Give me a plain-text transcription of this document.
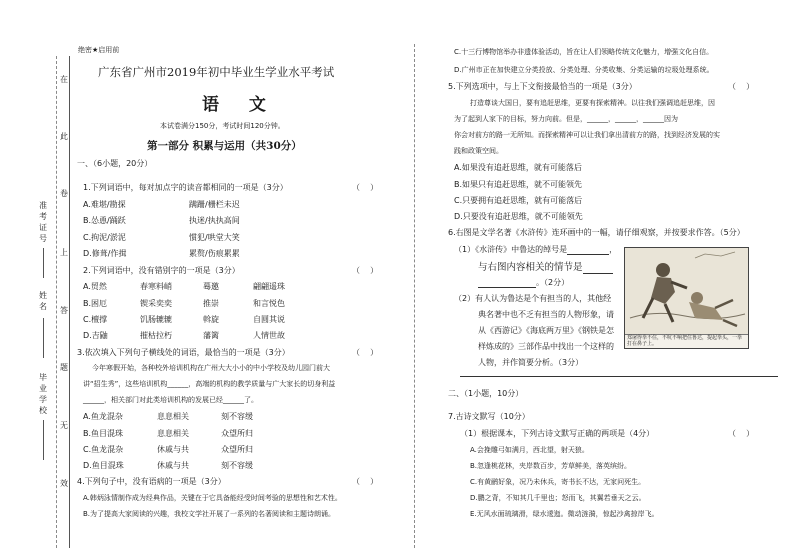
绝密★启用前
在
此
卷
上
答
题
无
效
准考证号
姓名
毕业学校
广东省广州市2019年初中毕业生学业水平考试
语  文
本试卷满分150分，考试时间120分钟。
第一部分 积累与运用（共30分）
一、（6小题，20分）
1.下列词语中，每对加点字的读音都相同的一项是（3分）	（    ）
A.难堪/勘探	蹒跚/栅栏未迟
B.怂恿/踊跃	执迷/执执高间
C.拘泥/淤泥	惯犯/哄堂大笑
D.修葺/作揖	累赘/伤痕累累
2.下列词语中，没有错别字的一项是（3分）	（    ）
A.贸然	春寒料峭	蓦邀	翩翩遥珠
B.困厄	锲采奕奕	推崇	和言悦色
C.檀撑	饥肠辘辘	斡旋	自圆其说
D.吉鼬	摧枯拉朽	藩篱	人情世故
3.依次填入下列句子横线处的词语，最恰当的一项是（3分）	（    ）
今年寒假开始，各种校外培训机构在广州大大小小的中小学校及幼儿园门前大
讲“招生秀”，这些培训机构______，高端的机构的教学质量与广大家长的切身利益
______，相关部门对此类培训机构的发展已经______了。
A.鱼龙混杂	息息相关	刻不容缓
B.鱼目混珠	息息相关	众望所归
C.鱼龙混杂	休戚与共	众望所归
D.鱼目混珠	休戚与共	刻不容缓
4.下列句子中，没有语病的一项是（3分）	（    ）
A.韩炳泳情制作成为经典作品，关键在于它具备能经受时间考验的思想性和艺术性。
B.为了提高大家阅读的兴趣，我校文学社开展了一系列的名著阅读和主题诗朗诵。
C.十三行博物馆举办非遗体验活动，旨在让人们领略传统文化魅力，增强文化自信。
D.广州市正在加快建立分类投放、分类处理、分类收集、分类运输的垃圾处理系统。
5.下列选项中，与上下文衔接最恰当的一项是（3分）	（    ）
打造尊谈大国日，要有追赶思维，更要有探索精神。以往我们强调追赶思维，因
为了起到人家下的目标，努力向前。但是，______，______，______因为
你会对前方的路一无所知。而探索精神可以让我们拿出清前方的路，找到经济发展的实
践和政策空间。
A.如果没有追赶思维，就有可能落后
B.如果只有追赶思维，就不可能领先
C.只要拥有追赶思维，就有可能落后
D.只要没有追赶思维，就不可能领先
6.右图是文学名著《水浒传》连环画中的一幅，请仔细观察，并按要求作答。（5分）
（1）《水浒传》中鲁达的绰号是	，
与右图内容相关的情节是
。（2分）
（2）有人认为鲁达是个有担当的人，其他经
典名著中也不乏有担当的人物形象，请
从《西游记》《海底两万里》《钢铁是怎
样炼成的》三部作品中找出一个这样的
人物，并作简要分析。（3分）
郑屠得拳不住，不吭不响把住鲁达，提起拳头，一拳打在鼻子上。
二、（1小题，10分）
7.古诗文默写（10分）
（1）根据课本，下列古诗文默写正确的两项是（4分）	（    ）
A.会挽雕弓如满月，西北望，射天狼。
B.忽逢桃花林，夹岸数百步，芳草鲜美，落英缤纷。
C.有黄鹂好象，况乃未休兵，寄书长不达，无家问死生。
D.鹏之背，不知其几千里也；怒而飞，其翼若垂天之云。
E.无风水面琉璃滑，绿水逶迤。微动涟漪，惊起沙禽掠岸飞。
